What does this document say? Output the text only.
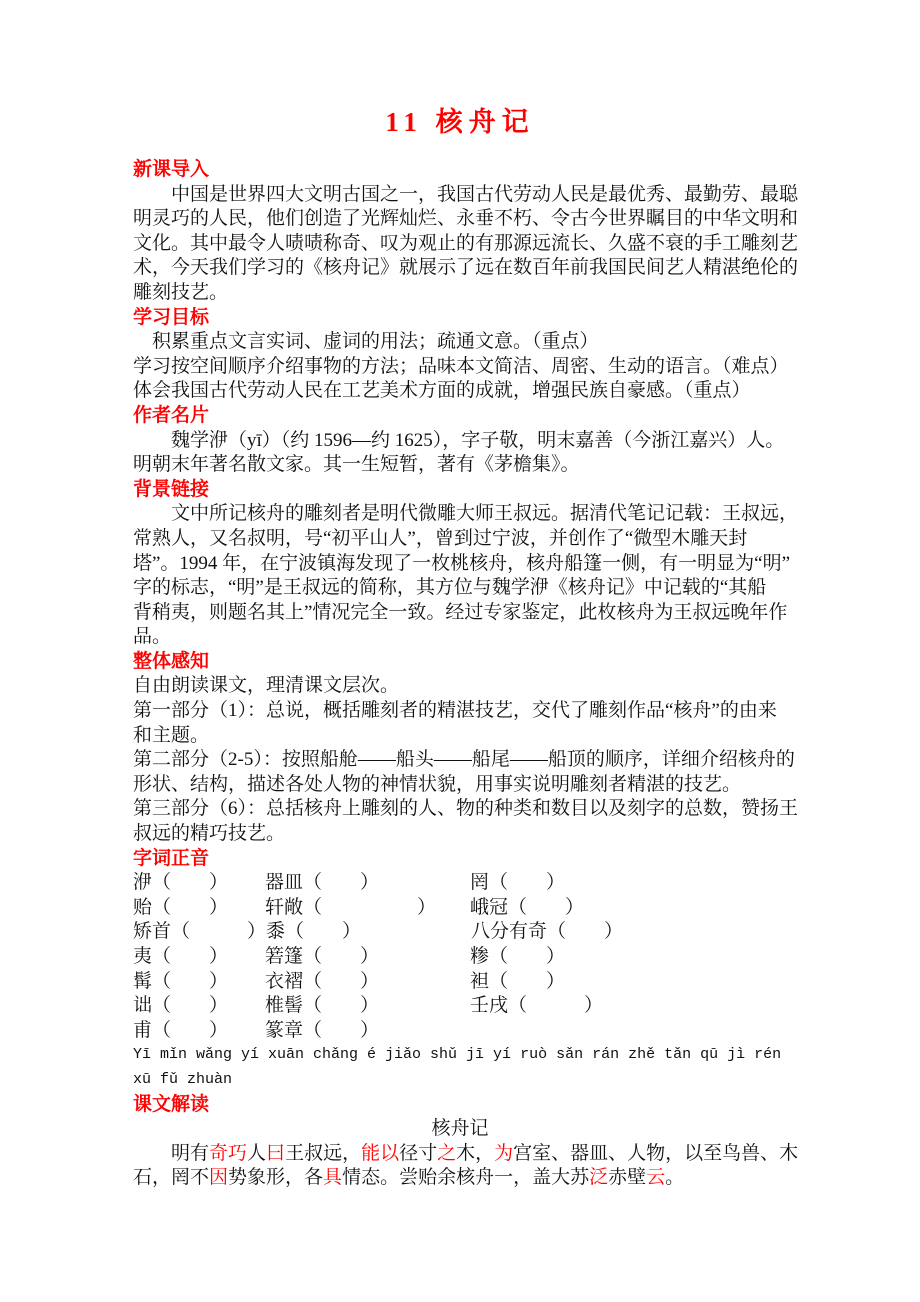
11 核舟记
新课导入
　　中国是世界四大文明古国之一，我国古代劳动人民是最优秀、最勤劳、最聪
明灵巧的人民，他们创造了光辉灿烂、永垂不朽、令古今世界瞩目的中华文明和
文化。其中最令人啧啧称奇、叹为观止的有那源远流长、久盛不衰的手工雕刻艺
术，今天我们学习的《核舟记》就展示了远在数百年前我国民间艺人精湛绝伦的
雕刻技艺。
学习目标
　积累重点文言实词、虚词的用法；疏通文意。（重点）
学习按空间顺序介绍事物的方法；品味本文简洁、周密、生动的语言。（难点）
体会我国古代劳动人民在工艺美术方面的成就，增强民族自豪感。（重点）
作者名片
　　魏学洢（yī）（约 1596—约 1625），字子敬，明末嘉善（今浙江嘉兴）人。
明朝末年著名散文家。其一生短暂，著有《茅檐集》。
背景链接
　　文中所记核舟的雕刻者是明代微雕大师王叔远。据清代笔记记载：王叔远，
常熟人，又名叔明，号“初平山人”，曾到过宁波，并创作了“微型木雕天封
塔”。1994 年，在宁波镇海发现了一枚桃核舟，核舟船篷一侧，有一明显为“明”
字的标志，“明”是王叔远的简称，其方位与魏学洢《核舟记》中记载的“其船
背稍夷，则题名其上”情况完全一致。经过专家鉴定，此枚核舟为王叔远晚年作
品。
整体感知
自由朗读课文，理清课文层次。
第一部分（1）：总说，概括雕刻者的精湛技艺，交代了雕刻作品“核舟”的由来
和主题。
第二部分（2-5）：按照船舱——船头——船尾——船顶的顺序，详细介绍核舟的
形状、结构，描述各处人物的神情状貌，用事实说明雕刻者精湛的技艺。
第三部分（6）：总括核舟上雕刻的人、物的种类和数目以及刻字的总数，赞扬王
叔远的精巧技艺。
字词正音
洢（　　）	器皿（　　）	罔（　　）
贻（　　）	轩敞（　　　　　）	峨冠（　　）
矫首（　　　） 黍（　　）	八分有奇（　　）
夷（　　）	箬篷（　　）	糁（　　）
髯（　　）	衣褶（　　）	袒（　　）
诎（　　）	椎髻（　　）	壬戌（　　　）
甫（　　）	篆章（　　）
Yī mǐn wǎng yí xuān chǎng é jiǎo shǔ jī yí ruò sǎn rán zhě tǎn qū jì rén
xū fǔ zhuàn
课文解读
核舟记
　　明有奇巧人曰王叔远，能以径寸之木，为宫室、器皿、人物，以至鸟兽、木
石，罔不因势象形，各具情态。尝贻余核舟一，盖大苏泛赤壁云。
